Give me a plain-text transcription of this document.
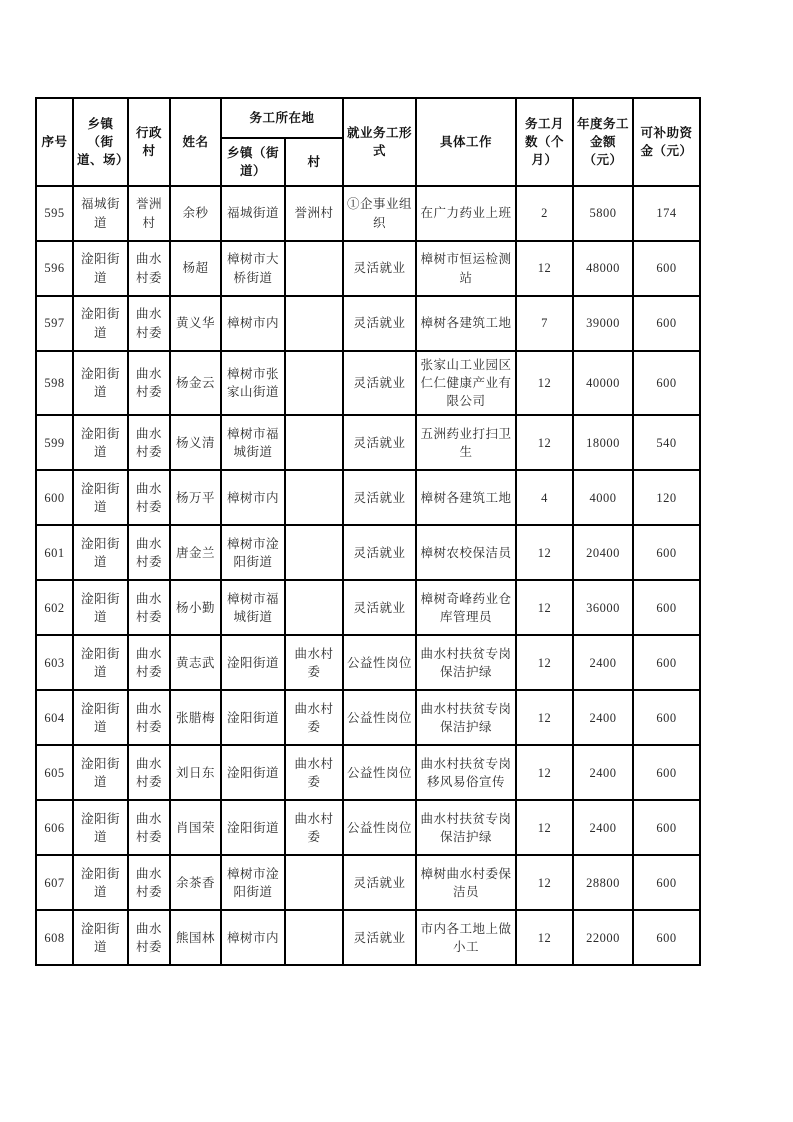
序号	乡镇（街道、场）	行政村	姓名	务工所在地		就业务工形式	具体工作	务工月数（个月）	年度务工金额（元）	可补助资金（元）
				乡镇（街道）	村					
595	福城街道	誉洲村	余秒	福城街道	誉洲村	①企事业组织	在广力药业上班	2	5800	174
596	淦阳街道	曲水村委	杨超	樟树市大桥街道		灵活就业	樟树市恒运检测站	12	48000	600
597	淦阳街道	曲水村委	黄义华	樟树市内		灵活就业	樟树各建筑工地	7	39000	600
598	淦阳街道	曲水村委	杨金云	樟树市张家山街道		灵活就业	张家山工业园区仁仁健康产业有限公司	12	40000	600
599	淦阳街道	曲水村委	杨义清	樟树市福城街道		灵活就业	五洲药业打扫卫生	12	18000	540
600	淦阳街道	曲水村委	杨万平	樟树市内		灵活就业	樟树各建筑工地	4	4000	120
601	淦阳街道	曲水村委	唐金兰	樟树市淦阳街道		灵活就业	樟树农校保洁员	12	20400	600
602	淦阳街道	曲水村委	杨小勤	樟树市福城街道		灵活就业	樟树奇峰药业仓库管理员	12	36000	600
603	淦阳街道	曲水村委	黄志武	淦阳街道	曲水村委	公益性岗位	曲水村扶贫专岗保洁护绿	12	2400	600
604	淦阳街道	曲水村委	张腊梅	淦阳街道	曲水村委	公益性岗位	曲水村扶贫专岗保洁护绿	12	2400	600
605	淦阳街道	曲水村委	刘日东	淦阳街道	曲水村委	公益性岗位	曲水村扶贫专岗移风易俗宣传	12	2400	600
606	淦阳街道	曲水村委	肖国荣	淦阳街道	曲水村委	公益性岗位	曲水村扶贫专岗保洁护绿	12	2400	600
607	淦阳街道	曲水村委	余茶香	樟树市淦阳街道		灵活就业	樟树曲水村委保洁员	12	28800	600
608	淦阳街道	曲水村委	熊国林	樟树市内		灵活就业	市内各工地上做小工	12	22000	600
